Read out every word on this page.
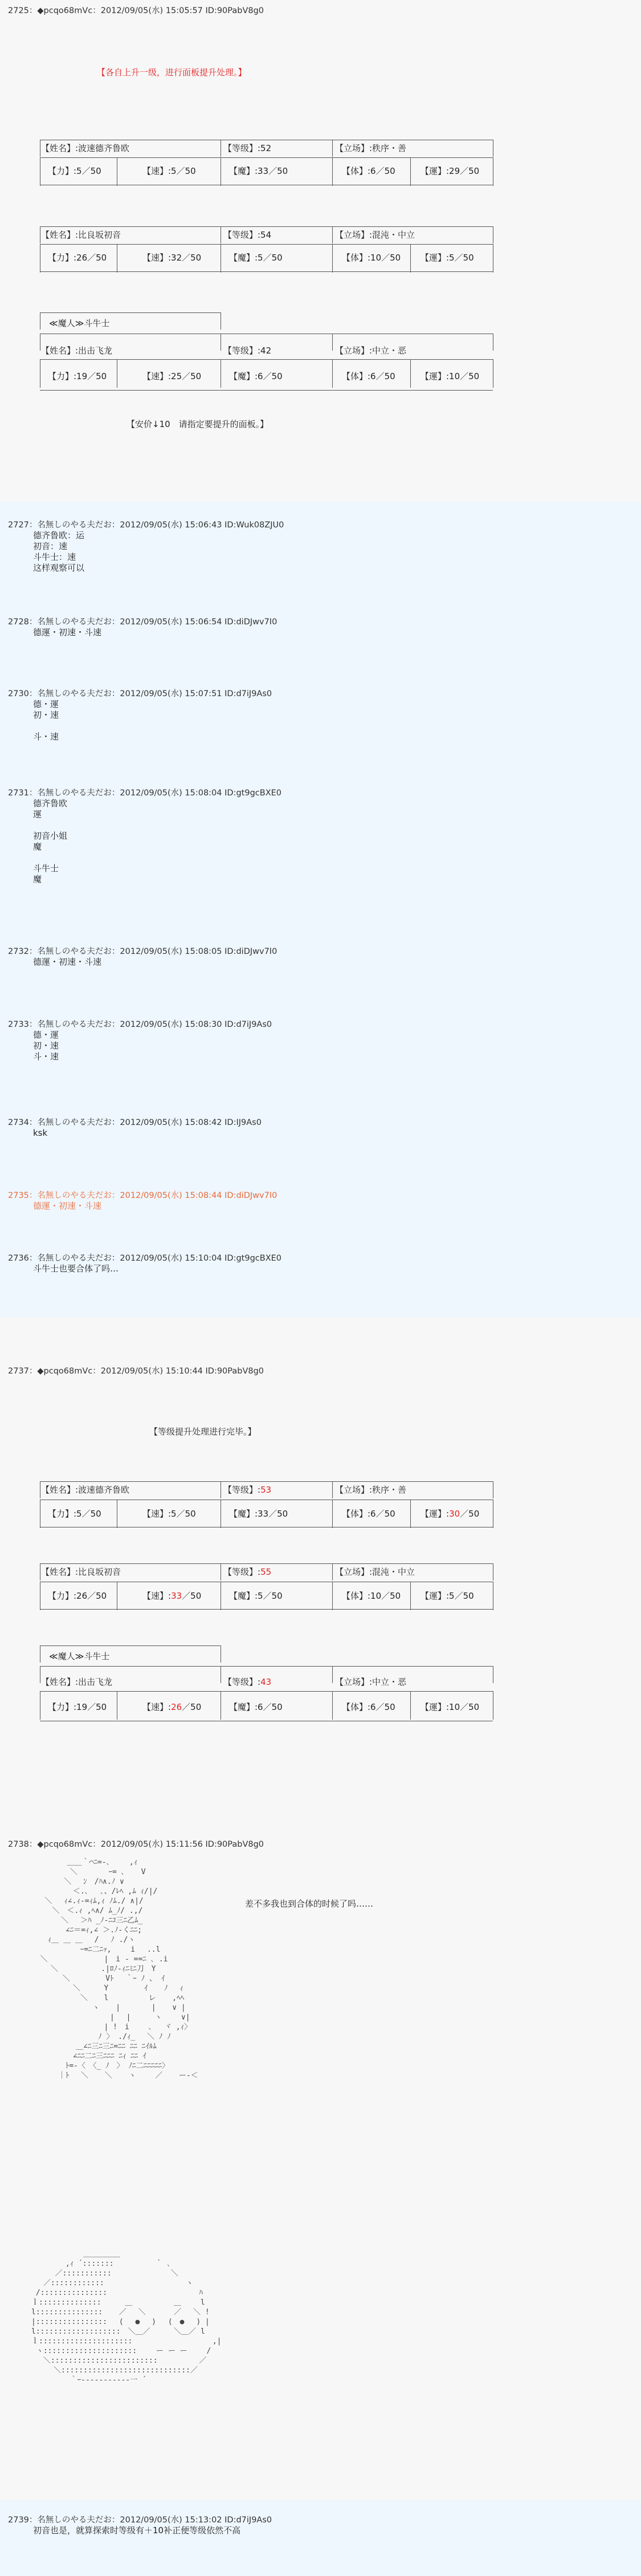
2725：◆pcqo68mVc：2012/09/05(水) 15:05:57 ID:90PabV8g0
【各自上升一级，进行面板提升处理。】
【姓名】:波速德齐鲁欧	【等级】:52	【立场】:秩序・善
【力】:5／50	【速】:5／50	【魔】:33／50	【体】:6／50	【運】:29／50
【姓名】:比良坂初音	【等级】:54	【立场】:混沌・中立
【力】:26／50	【速】:32／50	【魔】:5／50	【体】:10／50 【運】:5／50
≪魔人≫斗牛士
【姓名】:出击飞龙	【等级】:42	【立场】:中立・恶
【力】:19／50	【速】:25／50	【魔】:6／50	【体】:6／50	【運】:10／50
【安价↓10　请指定要提升的面板。】
2727：名無しのやる夫だお：2012/09/05(水) 15:06:43 ID:Wuk08ZJU0
德齐鲁欧：运
初音：速
斗牛士：速
这样观察可以
2728：名無しのやる夫だお：2012/09/05(水) 15:06:54 ID:diDJwv7I0
德運・初速・斗速
2730：名無しのやる夫だお：2012/09/05(水) 15:07:51 ID:d7iJ9As0
德・運
初・速

斗・速
2731：名無しのやる夫だお：2012/09/05(水) 15:08:04 ID:gt9gcBXE0
德齐鲁欧
運

初音小姐
魔

斗牛士
魔
2732：名無しのやる夫だお：2012/09/05(水) 15:08:05 ID:diDJwv7I0
德運・初速・斗速
2733：名無しのやる夫だお：2012/09/05(水) 15:08:30 ID:d7iJ9As0
德・運
初・速
斗・速
2734：名無しのやる夫だお：2012/09/05(水) 15:08:42 ID:IJ9As0
ksk
2735：名無しのやる夫だお：2012/09/05(水) 15:08:44 ID:diDJwv7I0
德運・初速・斗速
2736：名無しのやる夫だお：2012/09/05(水) 15:10:04 ID:gt9gcBXE0
斗牛士也要合体了吗…
2737：◆pcqo68mVc：2012/09/05(水) 15:10:44 ID:90PabV8g0
【等级提升处理进行完毕。】
【姓名】:波速德齐鲁欧	【等级】:53	【立场】:秩序・善
【力】:5／50	【速】:5／50	【魔】:33／50	【体】:6／50	【運】:30／50
【姓名】:比良坂初音	【等级】:55	【立场】:混沌・中立
【力】:26／50	【速】:33／50	【魔】:5／50	【体】:10／50 【運】:5／50
≪魔人≫斗牛士
【姓名】:出击飞龙	【等级】:43	【立场】:中立・恶
【力】:19／50	【速】:26／50	【魔】:6／50	【体】:6／50	【運】:10／50
2738：◆pcqo68mVc：2012/09/05(水) 15:11:56 ID:90PabV8g0
＿＿｀⌒ﾆ=-､　　 ,ｨ
　 ＼　 　 　ｰ= ､ 　 V
　 　＼　 ﾝ　/ﾊ∧.ﾉ ∨
　 　＜.､　 ､、/ﾚﾍ ,ﾑ ｨ/|/
＼　 ｨ∠.ｨ-=ｨﾑ,ｨ ﾉﾑ./ ∧|/
　 ＼　＜.ｨ ,ﾍ∧/ ﾑ_ﾉ/ .,/
　＼ 　＞ﾊ _ﾉ-ﾆｺ三ﾆ乙ﾑ_
　  ∠ﾆ＝=ｨ,∠ ＞.ﾉ-くﾆﾆ;
　 ｨ＿ ＿ ＿ 　/ 　ﾉ ./ヽ
　　　　　　 ｰ=ﾆ二ﾆｯ,　　 i　 ..l
＼　　　　　　　 |　i - ==ﾆ ､ .i
　　＼　 　　 　 .|ﾛﾉ-ｨﾆﾐﾆ刀　Y
　 　 　＼ 　 　　 Vﾄ　 ｀ｰ ﾉ 、 ｲ
　　　　 　＼　 　 Y　 　 　 ｲ 　 ﾉ　 ｨ
　　　　　　 ＼ 　 l 　 　 　 レ 　 ,ﾍﾍ
　　　　　　 　 ヽ 　 | 　　 　| 　 ∨ |
　　 　 　 　 　 　 |　 |　 　 ヽ　　 ∨|
　 　　　 　　　　 | !　i　　 ､ 　ヾ ,ｨ〉
　 　 　 　　 　 ﾉ 〉 ./ｨ_　 ＼ ﾉ ﾉ
　　　　　　＿∠ﾆ三ﾆ三ﾆ=ﾆﾆ ﾆﾆ ﾆｲﾙﾑ
　　　　 　∠ﾆﾆ二ﾆ三ﾆﾆﾆ ﾆｨ ﾆﾆ ｲ
　　　　 ﾄ=-〈　〈_ ﾉ　〉 ﾉﾆ二ﾆﾆﾆﾆﾆ〉
　　　 ｜ﾄ　 ＼ 　 ＼ 　 ヽ　　 ／ 　 ー-＜
差不多我也到合体的时候了吗……
　　　　　　　＿＿＿＿＿
　　　　 ,ｨ ´:::::::　　　　　 ｀ ､
　 　 ／:::::::::::　　　　　　　　＼
　 ／:::::::::::: 　 　 　　　　 　 　ヽ
/:::::::::::::::　　 　　　　　 　 　 　ﾊ
ｌ::::::::::::::　 　 ＿ 　　　　　＿ 　　l
l::::::::::::::: 　 ／ 　＼ 　 　 ／　 ＼ !
|::::::::::::::::　 (　 ●　 ) 　(　●　 ) |
l:::::::::::::::::::　＼＿／　 　 ＼＿／ l
ｌ::::::::::::::::::::: 　　　　　　 　　　 ,|
ヽ:::::::::::::::::::::　 　ー ー ー　　 /
　＼::::::::::::::::::::::::　　　　　 ／
　　　＼:::::::::::::::::::::::::::::／
　　　 　 ｀ｰ-----------一 ´
2739：名無しのやる夫だお：2012/09/05(水) 15:13:02 ID:d7iJ9As0
初音也是，就算探索时等级有＋10补正便等级依然不高
